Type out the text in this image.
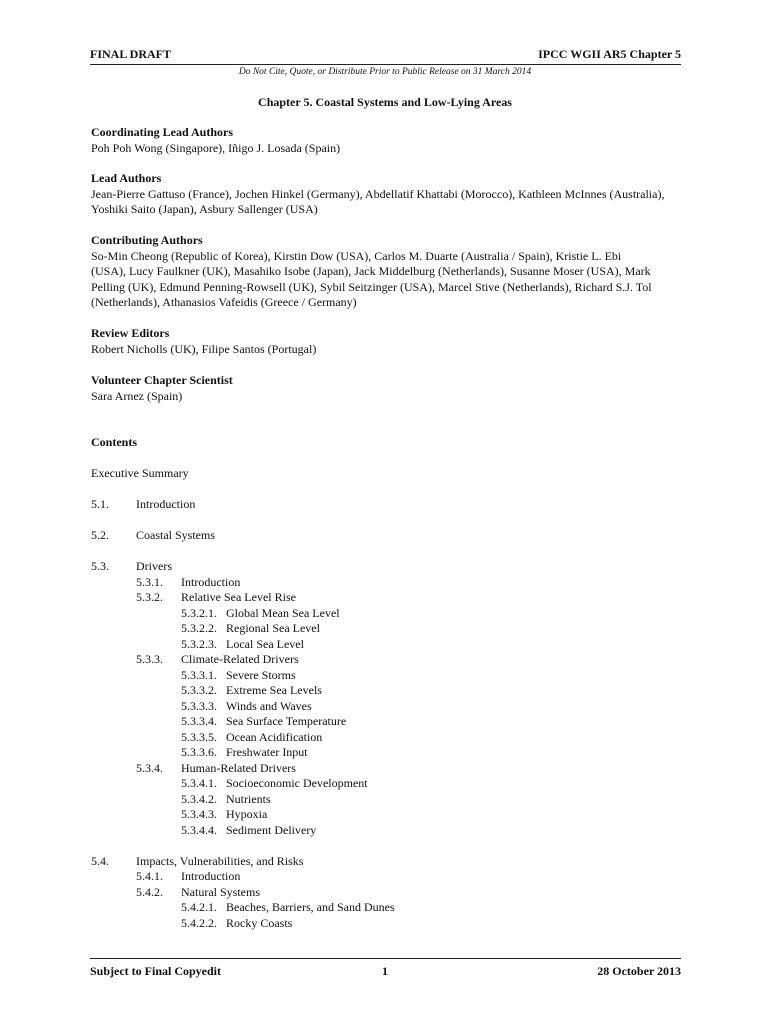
FINAL DRAFT	IPCC WGII AR5 Chapter 5
Do Not Cite, Quote, or Distribute Prior to Public Release on 31 March 2014
Chapter 5. Coastal Systems and Low-Lying Areas
Coordinating Lead Authors
Poh Poh Wong (Singapore), Iñigo J. Losada (Spain)
Lead Authors
Jean-Pierre Gattuso (France), Jochen Hinkel (Germany), Abdellatif Khattabi (Morocco), Kathleen McInnes (Australia), Yoshiki Saito (Japan), Asbury Sallenger (USA)
Contributing Authors
So-Min Cheong (Republic of Korea), Kirstin Dow (USA), Carlos M. Duarte (Australia / Spain), Kristie L. Ebi (USA), Lucy Faulkner (UK), Masahiko Isobe (Japan), Jack Middelburg (Netherlands), Susanne Moser (USA), Mark Pelling (UK), Edmund Penning-Rowsell (UK), Sybil Seitzinger (USA), Marcel Stive (Netherlands), Richard S.J. Tol (Netherlands), Athanasios Vafeidis (Greece / Germany)
Review Editors
Robert Nicholls (UK), Filipe Santos (Portugal)
Volunteer Chapter Scientist
Sara Arnez (Spain)
Contents
Executive Summary
5.1. Introduction
5.2. Coastal Systems
5.3. Drivers
5.3.1. Introduction
5.3.2. Relative Sea Level Rise
5.3.2.1. Global Mean Sea Level
5.3.2.2. Regional Sea Level
5.3.2.3. Local Sea Level
5.3.3. Climate-Related Drivers
5.3.3.1. Severe Storms
5.3.3.2. Extreme Sea Levels
5.3.3.3. Winds and Waves
5.3.3.4. Sea Surface Temperature
5.3.3.5. Ocean Acidification
5.3.3.6. Freshwater Input
5.3.4. Human-Related Drivers
5.3.4.1. Socioeconomic Development
5.3.4.2. Nutrients
5.3.4.3. Hypoxia
5.3.4.4. Sediment Delivery
5.4. Impacts, Vulnerabilities, and Risks
5.4.1. Introduction
5.4.2. Natural Systems
5.4.2.1. Beaches, Barriers, and Sand Dunes
5.4.2.2. Rocky Coasts
Subject to Final Copyedit	1	28 October 2013
